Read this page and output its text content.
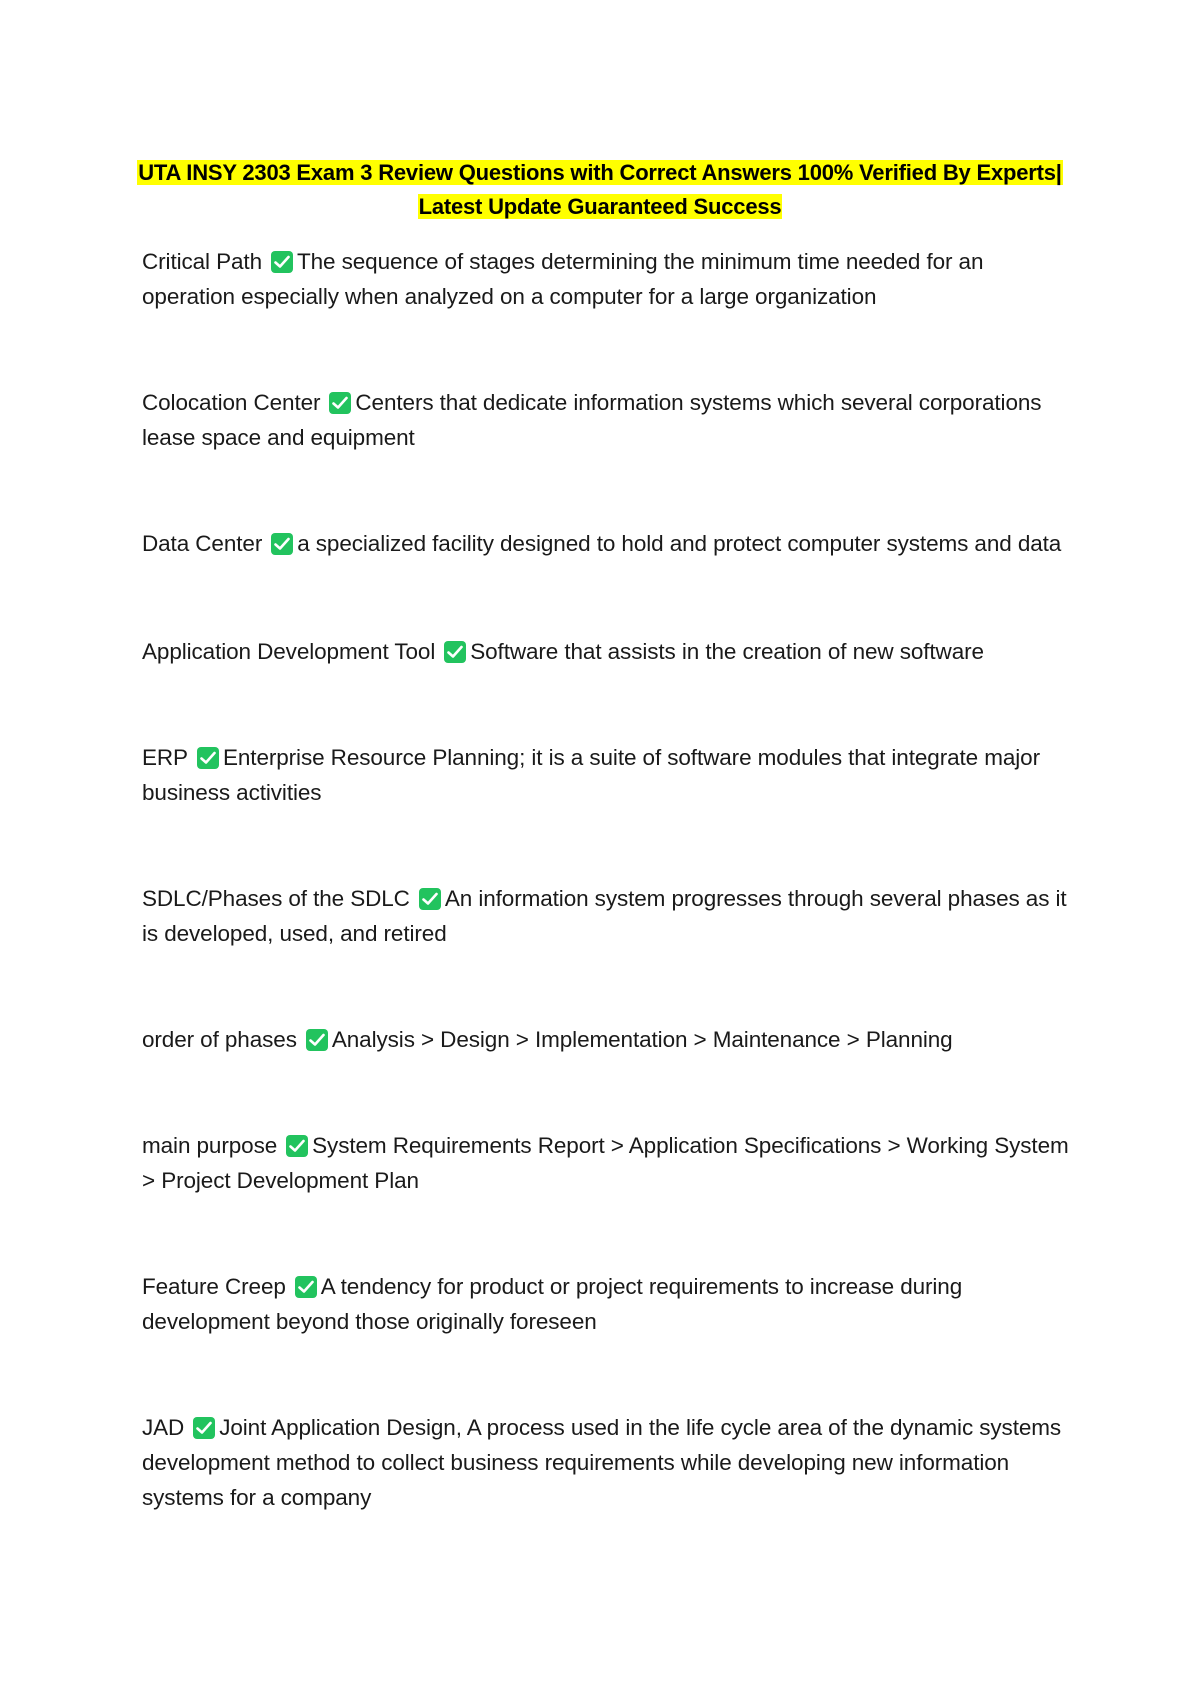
UTA INSY 2303 Exam 3 Review Questions with Correct Answers 100% Verified By Experts|
Latest Update Guaranteed Success
Critical Path The sequence of stages determining the minimum time needed for an operation especially when analyzed on a computer for a large organization
Colocation Center Centers that dedicate information systems which several corporations lease space and equipment
Data Center a specialized facility designed to hold and protect computer systems and data
Application Development Tool Software that assists in the creation of new software
ERP Enterprise Resource Planning; it is a suite of software modules that integrate major business activities
SDLC/Phases of the SDLC An information system progresses through several phases as it is developed, used, and retired
order of phases Analysis > Design > Implementation > Maintenance > Planning
main purpose System Requirements Report > Application Specifications > Working System > Project Development Plan
Feature Creep A tendency for product or project requirements to increase during development beyond those originally foreseen
JAD Joint Application Design, A process used in the life cycle area of the dynamic systems development method to collect business requirements while developing new information systems for a company
